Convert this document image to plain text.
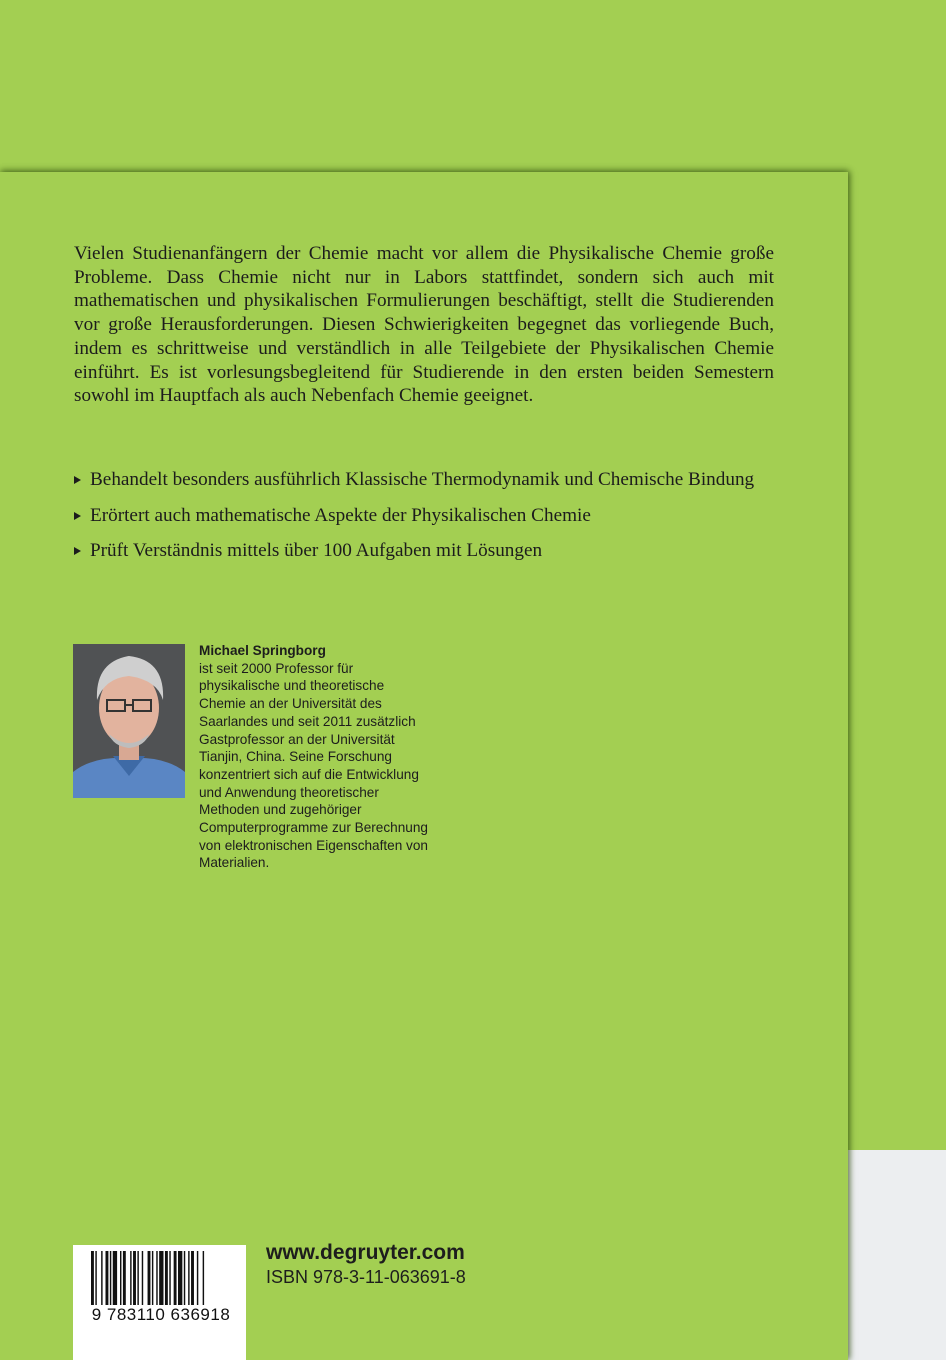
Vielen Studienanfängern der Chemie macht vor allem die Physikalische Chemie große Probleme. Dass Chemie nicht nur in Labors stattfindet, sondern sich auch mit mathematischen und physikalischen Formulierungen beschäftigt, stellt die Studierenden vor große Herausforderungen. Diesen Schwierigkeiten begegnet das vorliegende Buch, indem es schrittweise und verständlich in alle Teilgebiete der Physikalischen Chemie einführt. Es ist vorlesungsbegleitend für Studierende in den ersten beiden Semestern sowohl im Hauptfach als auch Nebenfach Chemie geeignet.

Behandelt besonders ausführlich Klassische Thermodynamik und Chemische Bindung
Erörtert auch mathematische Aspekte der Physikalischen Chemie
Prüft Verständnis mittels über 100 Aufgaben mit Lösungen

Michael Springborg
ist seit 2000 Professor für physikalische und theoretische Chemie an der Universität des Saarlandes und seit 2011 zusätzlich Gastprofessor an der Universität Tianjin, China. Seine Forschung konzentriert sich auf die Entwicklung und Anwendung theoretischer Methoden und zugehöriger Computerprogramme zur Berechnung von elektronischen Eigenschaften von Materialien.

9 783110 636918
www.degruyter.com
ISBN 978-3-11-063691-8
